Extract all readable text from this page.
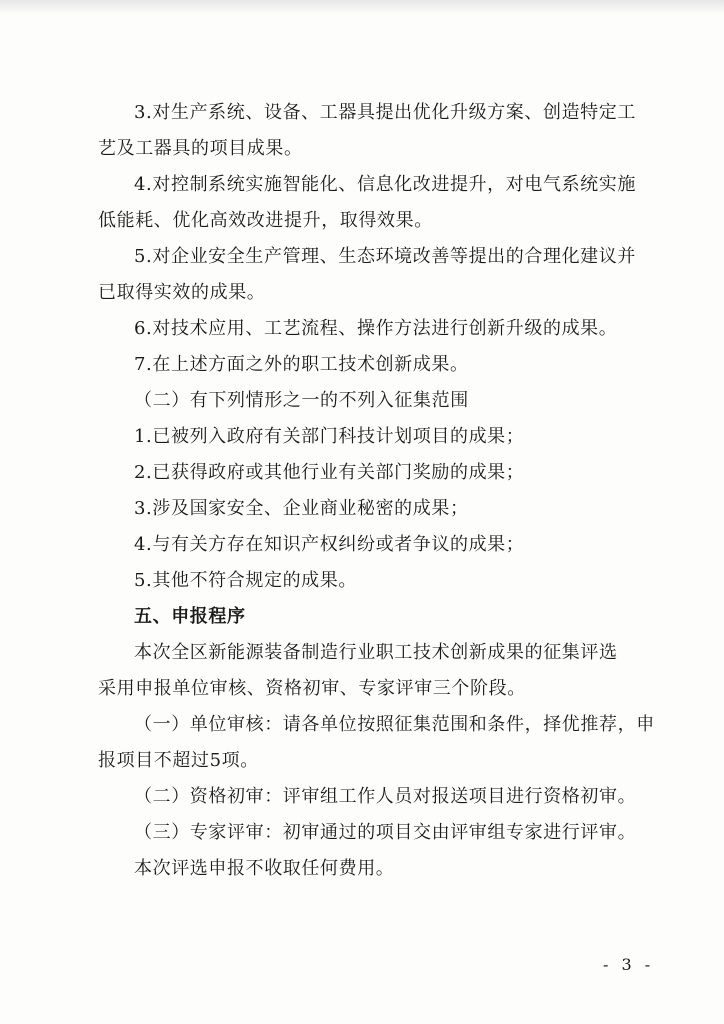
3.对生产系统、设备、工器具提出优化升级方案、创造特定工
艺及工器具的项目成果。
4.对控制系统实施智能化、信息化改进提升，对电气系统实施
低能耗、优化高效改进提升，取得效果。
5.对企业安全生产管理、生态环境改善等提出的合理化建议并
已取得实效的成果。
6.对技术应用、工艺流程、操作方法进行创新升级的成果。
7.在上述方面之外的职工技术创新成果。
（二）有下列情形之一的不列入征集范围
1.已被列入政府有关部门科技计划项目的成果；
2.已获得政府或其他行业有关部门奖励的成果；
3.涉及国家安全、企业商业秘密的成果；
4.与有关方存在知识产权纠纷或者争议的成果；
5.其他不符合规定的成果。
五、申报程序
本次全区新能源装备制造行业职工技术创新成果的征集评选
采用申报单位审核、资格初审、专家评审三个阶段。
（一）单位审核：请各单位按照征集范围和条件，择优推荐，申
报项目不超过5项。
（二）资格初审：评审组工作人员对报送项目进行资格初审。
（三）专家评审：初审通过的项目交由评审组专家进行评审。
本次评选申报不收取任何费用。
- 3 -
